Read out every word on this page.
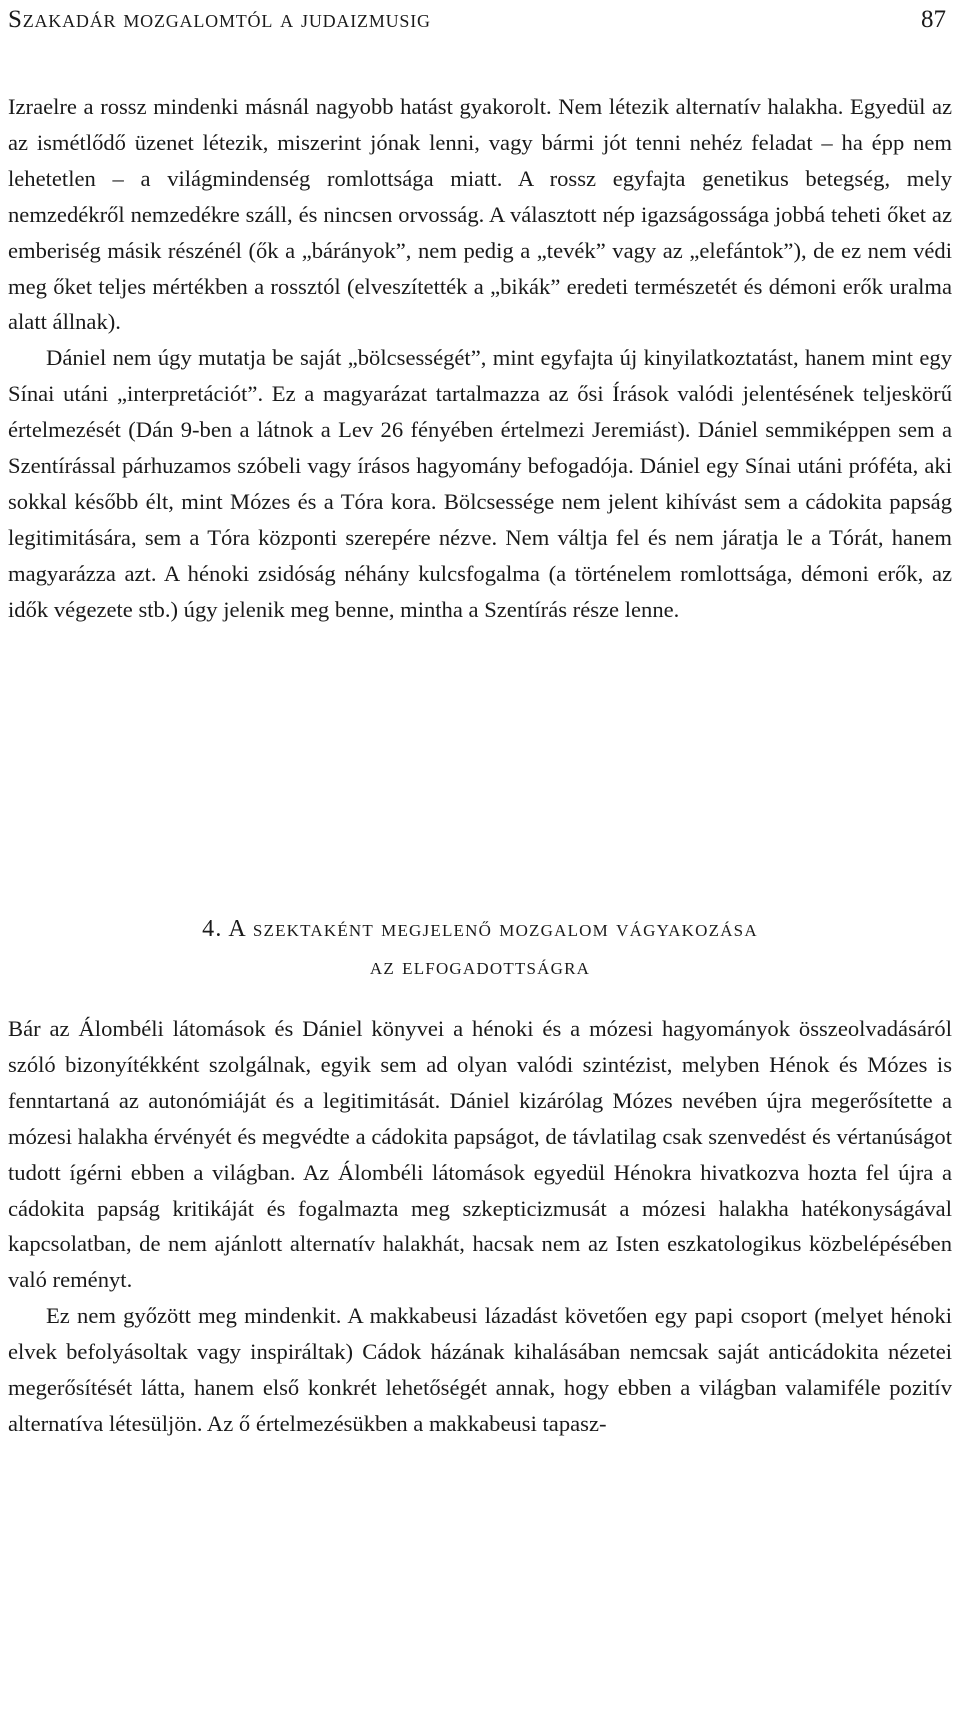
Szakadár mozgalomtól a judaizmusig	87

Izraelre a rossz mindenki másnál nagyobb hatást gyakorolt. Nem létezik alternatív halakha. Egyedül az az ismétlődő üzenet létezik, miszerint jónak lenni, vagy bármi jót tenni nehéz feladat – ha épp nem lehetetlen – a világmindenség romlottsága miatt. A rossz egyfajta genetikus betegség, mely nemzedékről nemzedékre száll, és nincsen orvosság. A választott nép igazságossága jobbá teheti őket az emberiség másik részénél (ők a „bárányok”, nem pedig a „tevék” vagy az „elefántok”), de ez nem védi meg őket teljes mértékben a rossztól (elveszítették a „bikák” eredeti természetét és démoni erők uralma alatt állnak).

Dániel nem úgy mutatja be saját „bölcsességét”, mint egyfajta új kinyilatkoztatást, hanem mint egy Sínai utáni „interpretációt”. Ez a magyarázat tartalmazza az ősi Írások valódi jelentésének teljeskörű értelmezését (Dán 9-ben a látnok a Lev 26 fényében értelmezi Jeremiást). Dániel semmiképpen sem a Szentírással párhuzamos szóbeli vagy írásos hagyomány befogadója. Dániel egy Sínai utáni próféta, aki sokkal később élt, mint Mózes és a Tóra kora. Bölcsessége nem jelent kihívást sem a cádokita papság legitimitására, sem a Tóra központi szerepére nézve. Nem váltja fel és nem járatja le a Tórát, hanem magyarázza azt. A hénoki zsidóság néhány kulcsfogalma (a történelem romlottsága, démoni erők, az idők végezete stb.) úgy jelenik meg benne, mintha a Szentírás része lenne.

4. A szektaként megjelenő mozgalom vágyakozása
az elfogadottságra

Bár az Álombéli látomások és Dániel könyvei a hénoki és a mózesi hagyományok összeolvadásáról szóló bizonyítékként szolgálnak, egyik sem ad olyan valódi szintézist, melyben Hénok és Mózes is fenntartaná az autonómiáját és a legitimitását. Dániel kizárólag Mózes nevében újra megerősítette a mózesi halakha érvényét és megvédte a cádokita papságot, de távlatilag csak szenvedést és vértanúságot tudott ígérni ebben a világban. Az Álombéli látomások egyedül Hénokra hivatkozva hozta fel újra a cádokita papság kritikáját és fogalmazta meg szkepticizmusát a mózesi halakha hatékonyságával kapcsolatban, de nem ajánlott alternatív halakhát, hacsak nem az Isten eszkatologikus közbelépésében való reményt.

Ez nem győzött meg mindenkit. A makkabeusi lázadást követően egy papi csoport (melyet hénoki elvek befolyásoltak vagy inspiráltak) Cádok házának kihalásában nemcsak saját anticádokita nézetei megerősítését látta, hanem első konkrét lehetőségét annak, hogy ebben a világban valamiféle pozitív alternatíva létesüljön. Az ő értelmezésükben a makkabeusi tapasz-
